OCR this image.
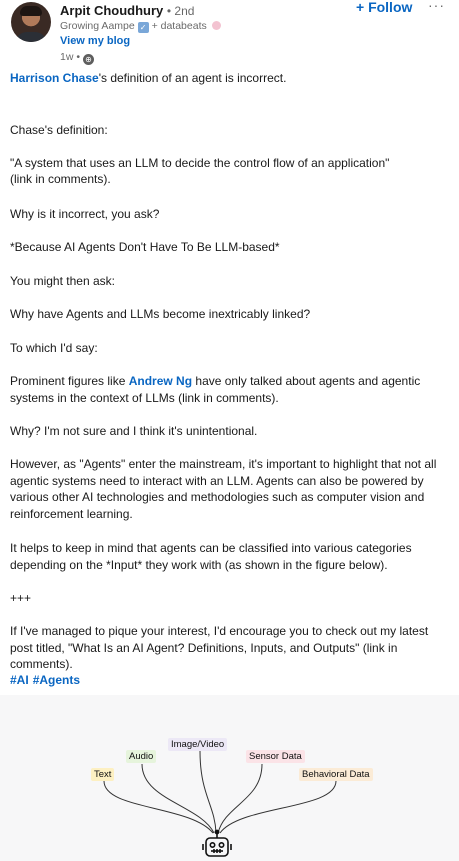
Arpit Choudhury • 2nd
Growing Aampe ✓ + databeats
View my blog
1w • ⊕
+ Follow ···

Harrison Chase's definition of an agent is incorrect.

Chase's definition:

"A system that uses an LLM to decide the control flow of an application"

(link in comments).

Why is it incorrect, you ask?

*Because AI Agents Don't Have To Be LLM-based*

You might then ask:

Why have Agents and LLMs become inextricably linked?

To which I'd say:

Prominent figures like Andrew Ng have only talked about agents and agentic systems in the context of LLMs (link in comments).

Why? I'm not sure and I think it's unintentional.

However, as "Agents" enter the mainstream, it's important to highlight that not all agentic systems need to interact with an LLM. Agents can also be powered by various other AI technologies and methodologies such as computer vision and reinforcement learning.

It helps to keep in mind that agents can be classified into various categories depending on the *Input* they work with (as shown in the figure below).

+++

If I've managed to pique your interest, I'd encourage you to check out my latest post titled, "What Is an AI Agent? Definitions, Inputs, and Outputs" (link in comments).

#AI #Agents

Text
Audio
Image/Video
Sensor Data
Behavioral Data
